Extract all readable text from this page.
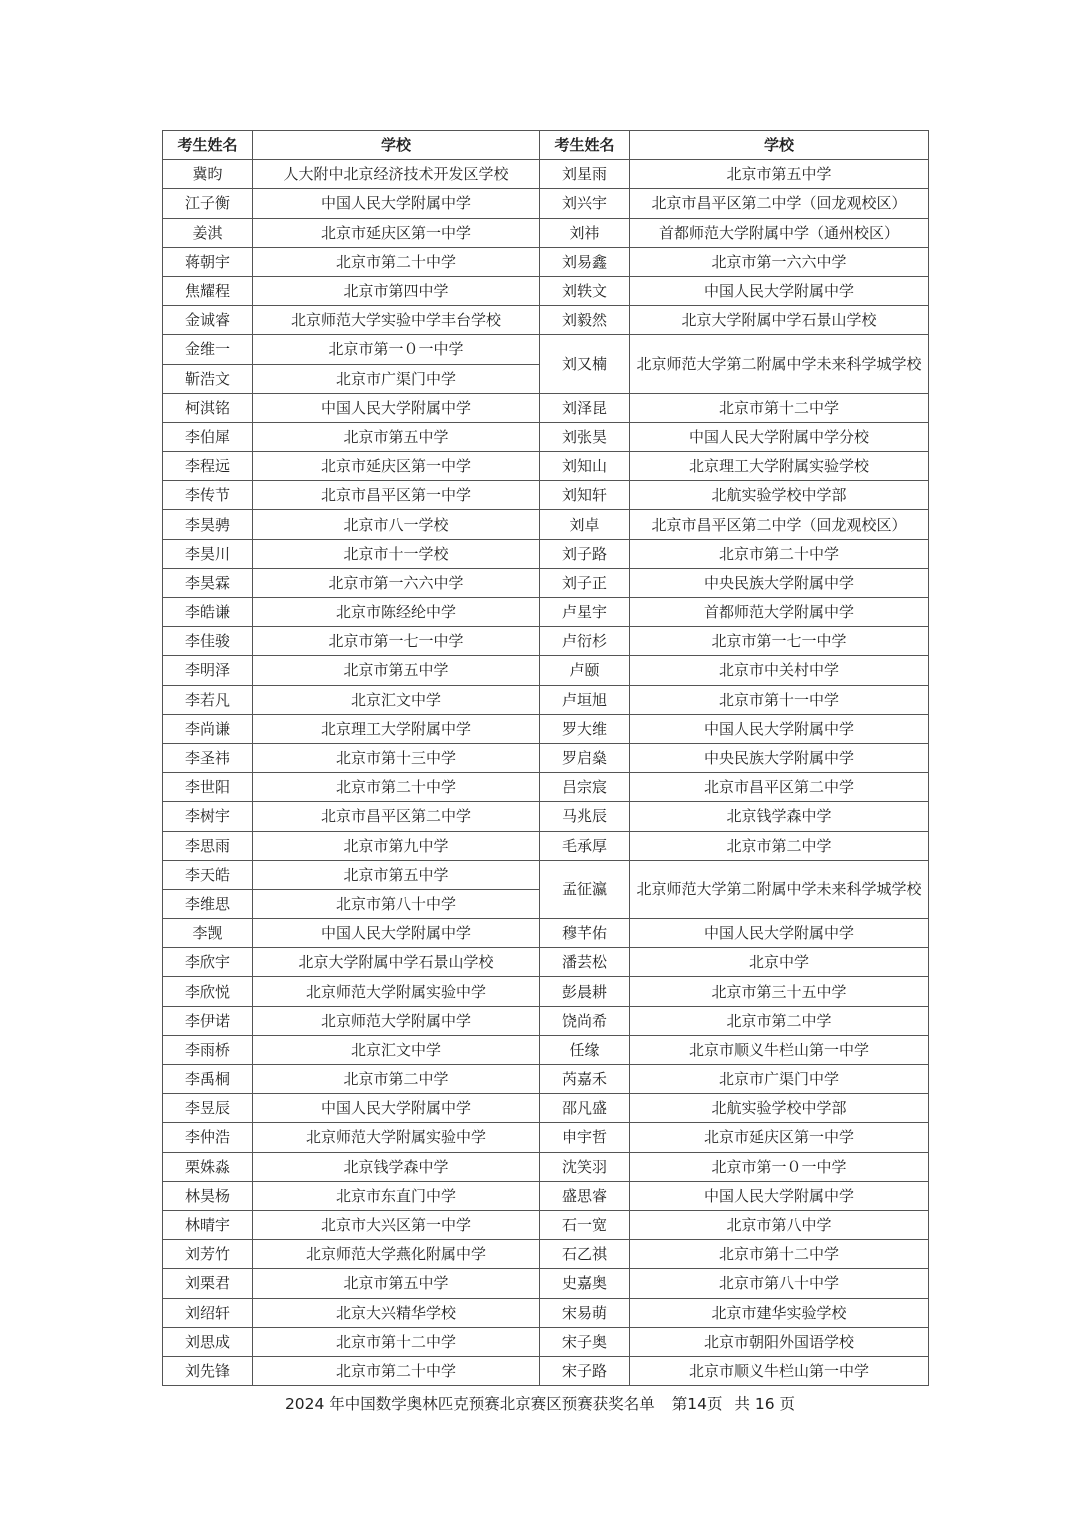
考生姓名	学校	考生姓名	学校
冀昀	人大附中北京经济技术开发区学校	刘星雨	北京市第五中学
江子衡	中国人民大学附属中学	刘兴宇	北京市昌平区第二中学（回龙观校区）
姜淇	北京市延庆区第一中学	刘祎	首都师范大学附属中学（通州校区）
蒋朝宇	北京市第二十中学	刘易鑫	北京市第一六六中学
焦耀程	北京市第四中学	刘轶文	中国人民大学附属中学
金诚睿	北京师范大学实验中学丰台学校	刘毅然	北京大学附属中学石景山学校
金维一	北京市第一０一中学	刘又楠	北京师范大学第二附属中学未来科学城学校
靳浩文	北京市广渠门中学		
柯淇铭	中国人民大学附属中学	刘泽昆	北京市第十二中学
李伯犀	北京市第五中学	刘张昊	中国人民大学附属中学分校
李程远	北京市延庆区第一中学	刘知山	北京理工大学附属实验学校
李传节	北京市昌平区第一中学	刘知轩	北航实验学校中学部
李昊骋	北京市八一学校	刘卓	北京市昌平区第二中学（回龙观校区）
李昊川	北京市十一学校	刘子路	北京市第二十中学
李昊霖	北京市第一六六中学	刘子正	中央民族大学附属中学
李皓谦	北京市陈经纶中学	卢星宇	首都师范大学附属中学
李佳骏	北京市第一七一中学	卢衍杉	北京市第一七一中学
李明泽	北京市第五中学	卢颐	北京市中关村中学
李若凡	北京汇文中学	卢垣旭	北京市第十一中学
李尚谦	北京理工大学附属中学	罗大维	中国人民大学附属中学
李圣祎	北京市第十三中学	罗启燊	中央民族大学附属中学
李世阳	北京市第二十中学	吕宗宸	北京市昌平区第二中学
李树宇	北京市昌平区第二中学	马兆辰	北京钱学森中学
李思雨	北京市第九中学	毛承厚	北京市第二中学
李天皓	北京市第五中学	孟征瀛	北京师范大学第二附属中学未来科学城学校
李维思	北京市第八十中学		
李觊	中国人民大学附属中学	穆芊佑	中国人民大学附属中学
李欣宇	北京大学附属中学石景山学校	潘芸松	北京中学
李欣悦	北京师范大学附属实验中学	彭晨耕	北京市第三十五中学
李伊诺	北京师范大学附属中学	饶尚希	北京市第二中学
李雨桥	北京汇文中学	任缘	北京市顺义牛栏山第一中学
李禹桐	北京市第二中学	芮嘉禾	北京市广渠门中学
李昱辰	中国人民大学附属中学	邵凡盛	北航实验学校中学部
李仲浩	北京师范大学附属实验中学	申宇哲	北京市延庆区第一中学
栗姝淼	北京钱学森中学	沈笑羽	北京市第一０一中学
林昊杨	北京市东直门中学	盛思睿	中国人民大学附属中学
林晴宇	北京市大兴区第一中学	石一宽	北京市第八中学
刘芳竹	北京师范大学燕化附属中学	石乙祺	北京市第十二中学
刘栗君	北京市第五中学	史嘉奥	北京市第八十中学
刘绍轩	北京大兴精华学校	宋易萌	北京市建华实验学校
刘思成	北京市第十二中学	宋子奥	北京市朝阳外国语学校
刘先锋	北京市第二十中学	宋子路	北京市顺义牛栏山第一中学
2024 年中国数学奥林匹克预赛北京赛区预赛获奖名单 第14页 共 16 页
